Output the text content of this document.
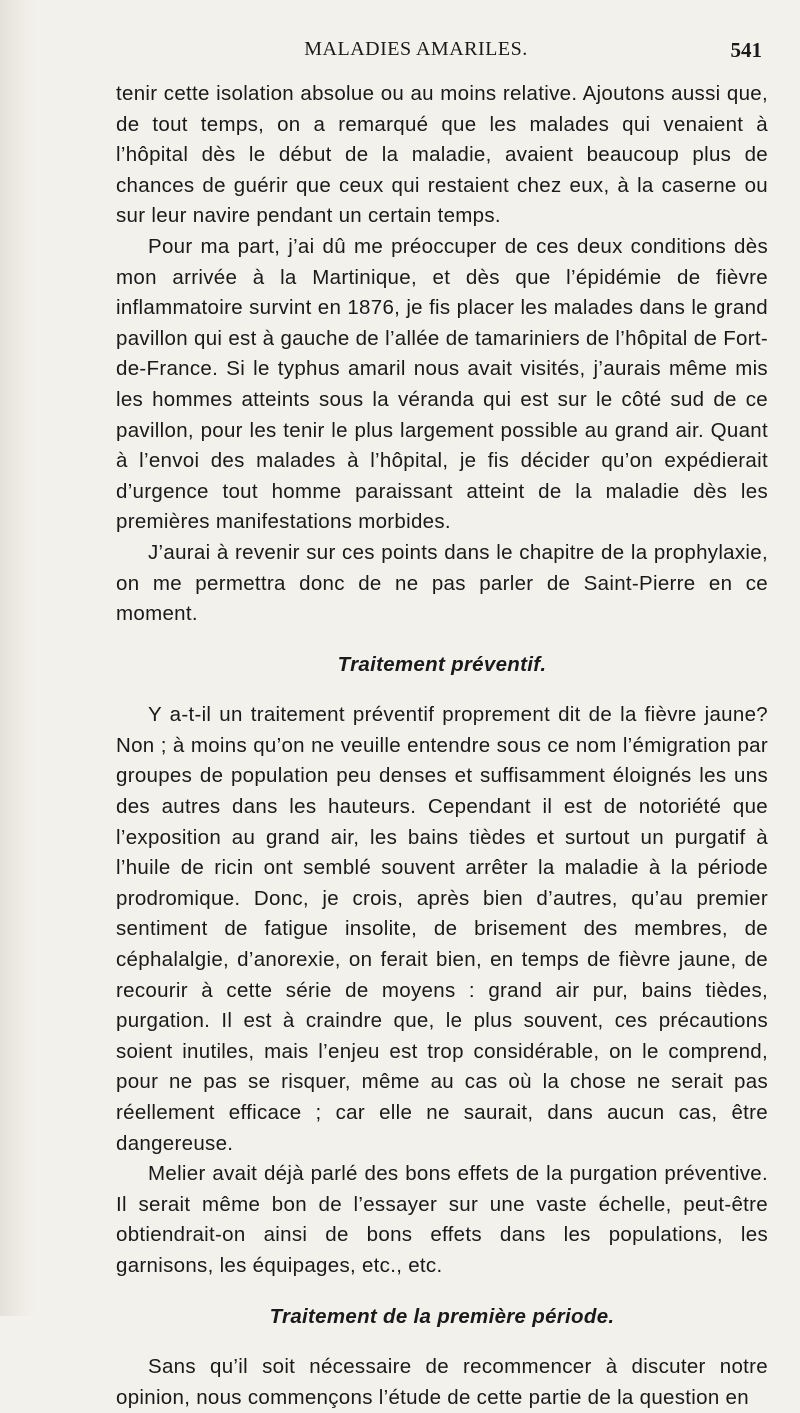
MALADIES AMARILES.	541

tenir cette isolation absolue ou au moins relative. Ajoutons aussi que, de tout temps, on a remarqué que les malades qui venaient à l’hôpital dès le début de la maladie, avaient beaucoup plus de chances de guérir que ceux qui restaient chez eux, à la caserne ou sur leur navire pendant un certain temps.

Pour ma part, j’ai dû me préoccuper de ces deux conditions dès mon arrivée à la Martinique, et dès que l’épidémie de fièvre inflammatoire survint en 1876, je fis placer les malades dans le grand pavillon qui est à gauche de l’allée de tamariniers de l’hôpital de Fort-de-France. Si le typhus amaril nous avait visités, j’aurais même mis les hommes atteints sous la véranda qui est sur le côté sud de ce pavillon, pour les tenir le plus largement possible au grand air. Quant à l’envoi des malades à l’hôpital, je fis décider qu’on expédierait d’urgence tout homme paraissant atteint de la maladie dès les premières manifestations morbides.

J’aurai à revenir sur ces points dans le chapitre de la prophylaxie, on me permettra donc de ne pas parler de Saint-Pierre en ce moment.

Traitement préventif.

Y a-t-il un traitement préventif proprement dit de la fièvre jaune? Non ; à moins qu’on ne veuille entendre sous ce nom l’émigration par groupes de population peu denses et suffisamment éloignés les uns des autres dans les hauteurs. Cependant il est de notoriété que l’exposition au grand air, les bains tièdes et surtout un purgatif à l’huile de ricin ont semblé souvent arrêter la maladie à la période prodromique. Donc, je crois, après bien d’autres, qu’au premier sentiment de fatigue insolite, de brisement des membres, de céphalalgie, d’anorexie, on ferait bien, en temps de fièvre jaune, de recourir à cette série de moyens : grand air pur, bains tièdes, purgation. Il est à craindre que, le plus souvent, ces précautions soient inutiles, mais l’enjeu est trop considérable, on le comprend, pour ne pas se risquer, même au cas où la chose ne serait pas réellement efficace ; car elle ne saurait, dans aucun cas, être dangereuse.

Melier avait déjà parlé des bons effets de la purgation préventive. Il serait même bon de l’essayer sur une vaste échelle, peut-être obtiendrait-on ainsi de bons effets dans les populations, les garnisons, les équipages, etc., etc.

Traitement de la première période.

Sans qu’il soit nécessaire de recommencer à discuter notre opinion, nous commençons l’étude de cette partie de la question en
